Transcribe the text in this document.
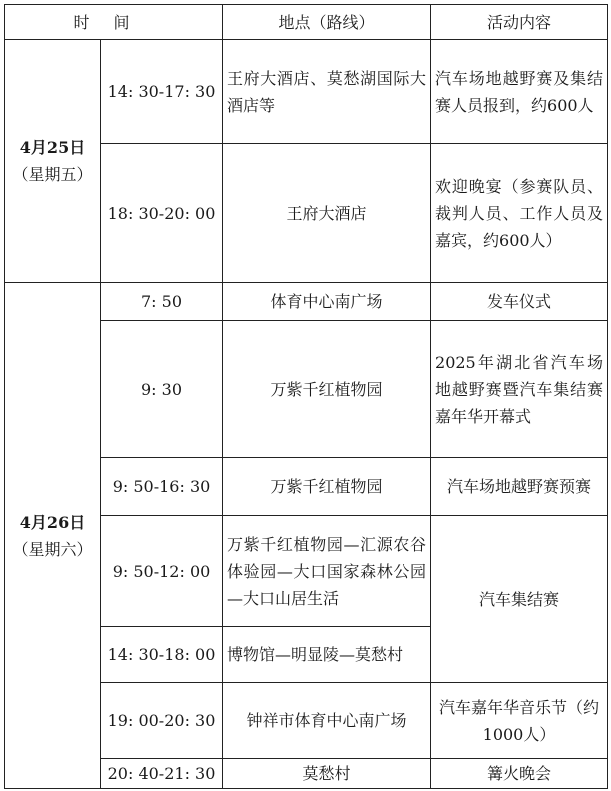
时间		地点（路线）	活动内容

4月25日
（星期五）	14: 30-17: 30	王府大酒店、莫愁湖国际大酒店等	汽车场地越野赛及集结赛人员报到，约600人
	18: 30-20: 00	王府大酒店	欢迎晚宴（参赛队员、裁判人员、工作人员及嘉宾，约600人）

4月26日
（星期六）	7: 50	体育中心南广场	发车仪式
	9: 30	万紫千红植物园	2025年湖北省汽车场地越野赛暨汽车集结赛嘉年华开幕式
	9: 50-16: 30	万紫千红植物园	汽车场地越野赛预赛
	9: 50-12: 00	万紫千红植物园—汇源农谷体验园—大口国家森林公园—大口山居生活	汽车集结赛
	14: 30-18: 00	博物馆—明显陵—莫愁村	
	19: 00-20: 30	钟祥市体育中心南广场	汽车嘉年华音乐节（约1000人）
	20: 40-21: 30	莫愁村	篝火晚会
